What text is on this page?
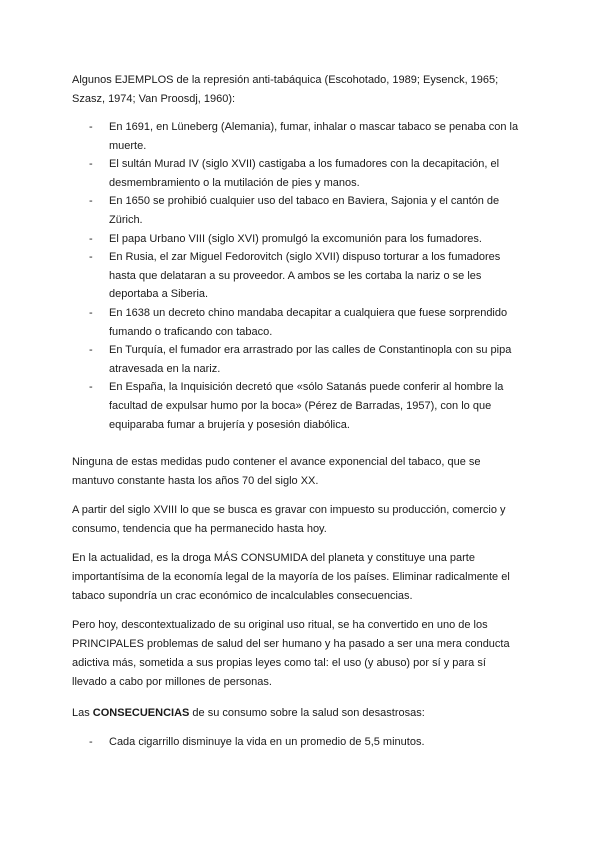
Algunos EJEMPLOS de la represión anti-tabáquica (Escohotado, 1989; Eysenck, 1965;
Szasz, 1974; Van Proosdj, 1960):

- En 1691, en Lüneberg (Alemania), fumar, inhalar o mascar tabaco se penaba con la
muerte.
- El sultán Murad IV (siglo XVII) castigaba a los fumadores con la decapitación, el
desmembramiento o la mutilación de pies y manos.
- En 1650 se prohibió cualquier uso del tabaco en Baviera, Sajonia y el cantón de
Zürich.
- El papa Urbano VIII (siglo XVI) promulgó la excomunión para los fumadores.
- En Rusia, el zar Miguel Fedorovitch (siglo XVII) dispuso torturar a los fumadores
hasta que delataran a su proveedor. A ambos se les cortaba la nariz o se les
deportaba a Siberia.
- En 1638 un decreto chino mandaba decapitar a cualquiera que fuese sorprendido
fumando o traficando con tabaco.
- En Turquía, el fumador era arrastrado por las calles de Constantinopla con su pipa
atravesada en la nariz.
- En España, la Inquisición decretó que «sólo Satanás puede conferir al hombre la
facultad de expulsar humo por la boca» (Pérez de Barradas, 1957), con lo que
equiparaba fumar a brujería y posesión diabólica.

Ninguna de estas medidas pudo contener el avance exponencial del tabaco, que se
mantuvo constante hasta los años 70 del siglo XX.

A partir del siglo XVIII lo que se busca es gravar con impuesto su producción, comercio y
consumo, tendencia que ha permanecido hasta hoy.

En la actualidad, es la droga MÁS CONSUMIDA del planeta y constituye una parte
importantísima de la economía legal de la mayoría de los países. Eliminar radicalmente el
tabaco supondría un crac económico de incalculables consecuencias.

Pero hoy, descontextualizado de su original uso ritual, se ha convertido en uno de los
PRINCIPALES problemas de salud del ser humano y ha pasado a ser una mera conducta
adictiva más, sometida a sus propias leyes como tal: el uso (y abuso) por sí y para sí
llevado a cabo por millones de personas.

Las CONSECUENCIAS de su consumo sobre la salud son desastrosas:

- Cada cigarrillo disminuye la vida en un promedio de 5,5 minutos.
